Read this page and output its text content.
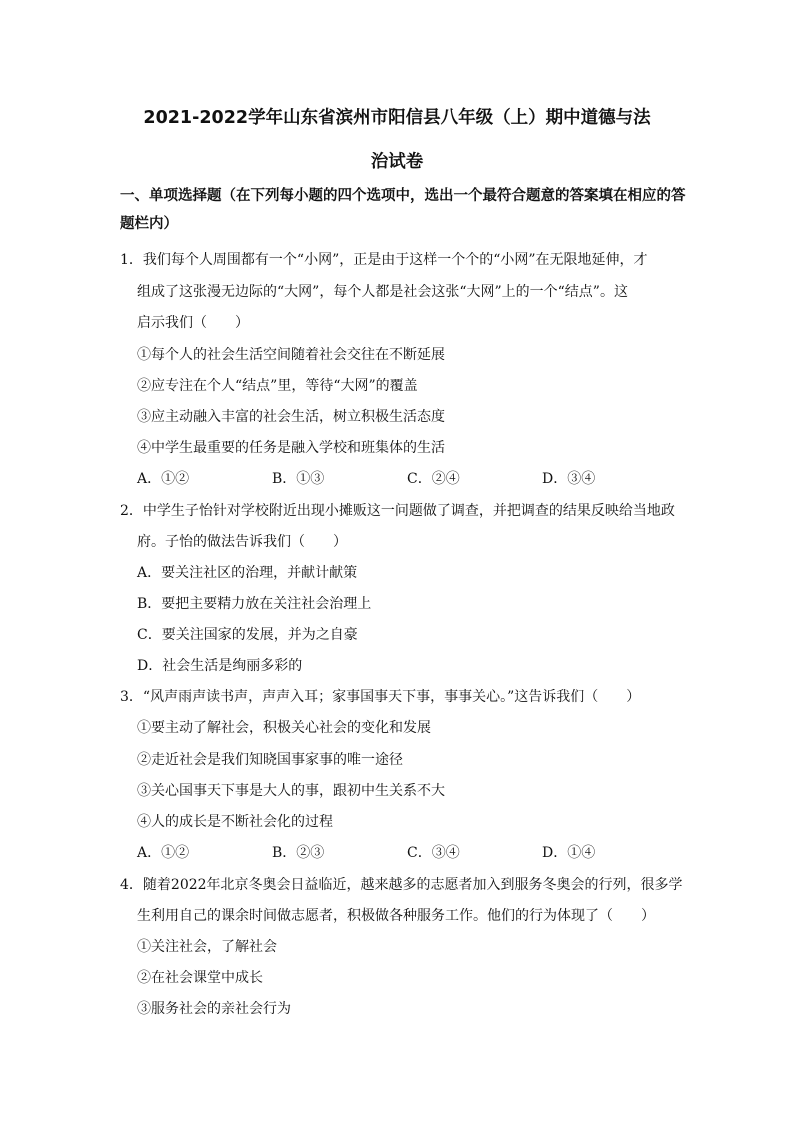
2021-2022学年山东省滨州市阳信县八年级（上）期中道德与法
治试卷
一、单项选择题（在下列每小题的四个选项中，选出一个最符合题意的答案填在相应的答题栏内）
1．我们每个人周围都有一个“小网”，正是由于这样一个个的“小网”在无限地延伸，才
组成了这张漫无边际的“大网”，每个人都是社会这张“大网”上的一个“结点”。这
启示我们（　　）
①每个人的社会生活空间随着社会交往在不断延展
②应专注在个人“结点”里，等待“大网”的覆盖
③应主动融入丰富的社会生活，树立积极生活态度
④中学生最重要的任务是融入学校和班集体的生活
A．①②	B．①③	C．②④	D．③④
2．中学生子怡针对学校附近出现小摊贩这一问题做了调查，并把调查的结果反映给当地政
府。子怡的做法告诉我们（　　）
A．要关注社区的治理，并献计献策
B．要把主要精力放在关注社会治理上
C．要关注国家的发展，并为之自豪
D．社会生活是绚丽多彩的
3．“风声雨声读书声，声声入耳；家事国事天下事，事事关心。”这告诉我们（　　）
①要主动了解社会，积极关心社会的变化和发展
②走近社会是我们知晓国事家事的唯一途径
③关心国事天下事是大人的事，跟初中生关系不大
④人的成长是不断社会化的过程
A．①②	B．②③	C．③④	D．①④
4．随着2022年北京冬奥会日益临近，越来越多的志愿者加入到服务冬奥会的行列，很多学
生利用自己的课余时间做志愿者，积极做各种服务工作。他们的行为体现了（　　）
①关注社会，了解社会
②在社会课堂中成长
③服务社会的亲社会行为
